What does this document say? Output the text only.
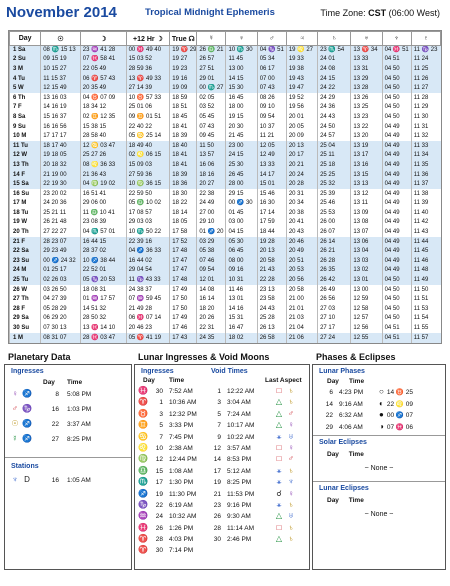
November 2014	Tropical Midnight Ephemeris	Time Zone: CST (06:00 West)
Day	☉	☽	+12 Hr ☽	True ☊	☿	♀	♂	♃	♄	♅	♆	♇
1 Sa	08 ♏ 15 13	23 ♒ 41 28	00 ♓ 49 40	19 ♈ 29	26 ♎ 21	10 ♏ 30	04 ♑ 51	19 ♌ 27	23 ♏ 54	13 ♈ 34	04 ♓ 51	11 ♑ 23
2 Su	09 15 19	07 ♓ 58 41	15 03 52	19 27	26 57	11 45	05 34	19 33	24 01	13 33	04 51	11 24
3 M	10 15 27	22 05 49	28 59 36	19 23	27 51	13 00	06 17	19 38	24 08	13 31	04 50	11 25
4 Tu	11 15 37	06 ♈ 57 43	13 ♈ 49 33	19 16	29 01	14 15	07 00	19 43	24 15	13 29	04 50	11 26
5 W	12 15 49	20 35 49	27 14 39	19 09	00 ♏ 27	15 30	07 43	19 47	24 22	13 28	04 50	11 27
6 Th	13 16 03	04 ♉ 07 09	10 ♉ 57 33	18 59	02 05	16 45	08 26	19 52	24 29	13 26	04 50	11 28
7 F	14 16 19	18 34 12	25 01 06	18 51	03 52	18 00	09 10	19 56	24 36	13 25	04 50	11 29
8 Sa	15 16 37	02 ♊ 12 35	09 ♊ 01 51	18 45	05 45	19 15	09 54	20 01	24 43	13 23	04 50	11 30
9 Su	16 16 56	15 38 15	22 40 22	18 41	07 43	20 30	10 37	20 05	24 50	13 22	04 49	11 31
10 M	17 17 17	28 58 40	05 ♋ 25 14	18 39	09 45	21 45	11 21	20 09	24 57	13 20	04 49	11 32
11 Tu	18 17 40	12 ♋ 03 47	18 49 40	18 40	11 50	23 00	12 05	20 13	25 04	13 19	04 49	11 33
12 W	19 18 05	25 27 26	02 ♌ 06 15	18 41	13 57	24 15	12 49	20 17	25 11	13 17	04 49	11 34
13 Th	20 18 32	08 ♌ 36 33	15 09 03	18 41	16 06	25 30	13 33	20 21	25 18	13 16	04 49	11 35
14 F	21 19 00	21 36 43	27 59 36	18 39	18 16	26 45	14 17	20 24	25 25	13 15	04 49	11 36
15 Sa	22 19 30	04 ♍ 19 02	10 ♍ 36 15	18 36	20 27	28 00	15 01	20 28	25 32	13 13	04 49	11 37
16 Su	23 20 02	16 51 41	22 59 50	18 30	22 38	29 15	15 46	20 31	25 39	13 12	04 49	11 38
17 M	24 20 36	29 06 00	05 ♎ 10 02	18 22	24 49	00 ♐ 30	16 30	20 34	25 46	13 11	04 49	11 39
18 Tu	25 21 11	11 ♎ 10 41	17 08 57	18 14	27 00	01 45	17 14	20 38	25 53	13 09	04 49	11 40
19 W	26 21 48	23 08 39	29 03 03	18 05	29 10	03 00	17 59	20 41	26 00	13 08	04 49	11 42
20 Th	27 22 27	04 ♏ 57 01	10 ♏ 50 22	17 58	01 ♐ 20	04 15	18 44	20 43	26 07	13 07	04 49	11 43
21 F	28 23 07	16 44 15	22 39 16	17 52	03 29	05 30	19 28	20 46	26 14	13 06	04 49	11 44
22 Sa	29 23 49	28 37 02	04 ♐ 36 33	17 48	05 38	06 45	20 13	20 49	26 21	13 04	04 49	11 45
23 Su	00 ♐ 24 32	10 ♐ 38 44	16 44 02	17 47	07 46	08 00	20 58	20 51	26 28	13 03	04 49	11 46
24 M	01 25 17	22 52 01	29 04 54	17 47	09 54	09 16	21 43	20 53	26 35	13 02	04 49	11 48
25 Tu	02 26 03	05 ♑ 20 53	11 ♑ 43 33	17 48	12 01	10 31	22 28	20 56	26 42	13 01	04 50	11 49
26 W	03 26 50	18 08 31	24 38 37	17 49	14 08	11 46	23 13	20 58	26 49	13 00	04 50	11 50
27 Th	04 27 39	01 ♒ 17 57	07 ♒ 59 45	17 50	16 14	13 01	23 58	21 00	26 56	12 59	04 50	11 51
28 F	05 28 29	14 51 32	21 49 28	17 50	18 20	14 16	24 43	21 01	27 03	12 58	04 50	11 53
29 Sa	06 29 20	28 50 32	06 ♓ 07 14	17 49	20 26	15 31	25 28	21 03	27 10	12 57	04 50	11 54
30 Su	07 30 13	13 ♓ 14 10	20 46 23	17 46	22 31	16 47	26 13	21 04	27 17	12 56	04 51	11 55
1 M	08 31 07	28 ♓ 03 47	05 ♈ 41 19	17 43	24 35	18 02	26 58	21 06	27 24	12 55	04 51	11 57
Planetary Data
Ingresses
Day Time
♀ ♐	8 5:08 PM
♂ ♑	16 1:03 PM
☉ ♐	22 3:37 AM
☿ ♐	27 8:25 PM
Stations
♆ D	16 1:05 AM
Lunar Ingresses & Void Moons
Ingresses
Day Time
♓ 30 7:52 AM
♈ 1 10:36 AM
♉ 3 12:32 PM
♊ 5 3:33 PM
♋ 7 7:45 PM
♌ 10 2:38 AM
♍ 12 12:44 PM
♎ 15 1:08 AM
♏ 17 1:30 PM
♐ 19 11:30 PM
♑ 22 6:19 AM
♒ 24 10:32 AM
♓ 26 1:26 PM
♈ 28 4:03 PM
♈ 30 7:14 PM
Void Times
Last Aspect
1 12:22 AM	□ ♄
3 3:04 AM	△ ♄
5 7:24 AM	△ ♂
7 10:17 AM	△ ♀
9 10:22 AM	⚹ ♅
12 3:57 AM	□ ♀
14 8:53 PM	□ ♂
17 5:12 AM	⚹ ♄
19 8:25 PM	⚹ ♆
21 11:53 PM	☌ ♀
23 9:16 PM	⚹ ♄
26 9:30 AM	△ ♅
28 11:14 AM	□ ♄
30 2:46 PM	△ ♄
Phases & Eclipses
Lunar Phases
Day Time
6 4:23 PM ○ 14 ♉ 25
14 9:16 AM ◐ 22 ♌ 09
22 6:32 AM ● 00 ♐ 07
29 4:06 AM ◑ 07 ♓ 06
Solar Eclipses
Day Time
~ None ~
Lunar Eclipses
Day Time
~ None ~
